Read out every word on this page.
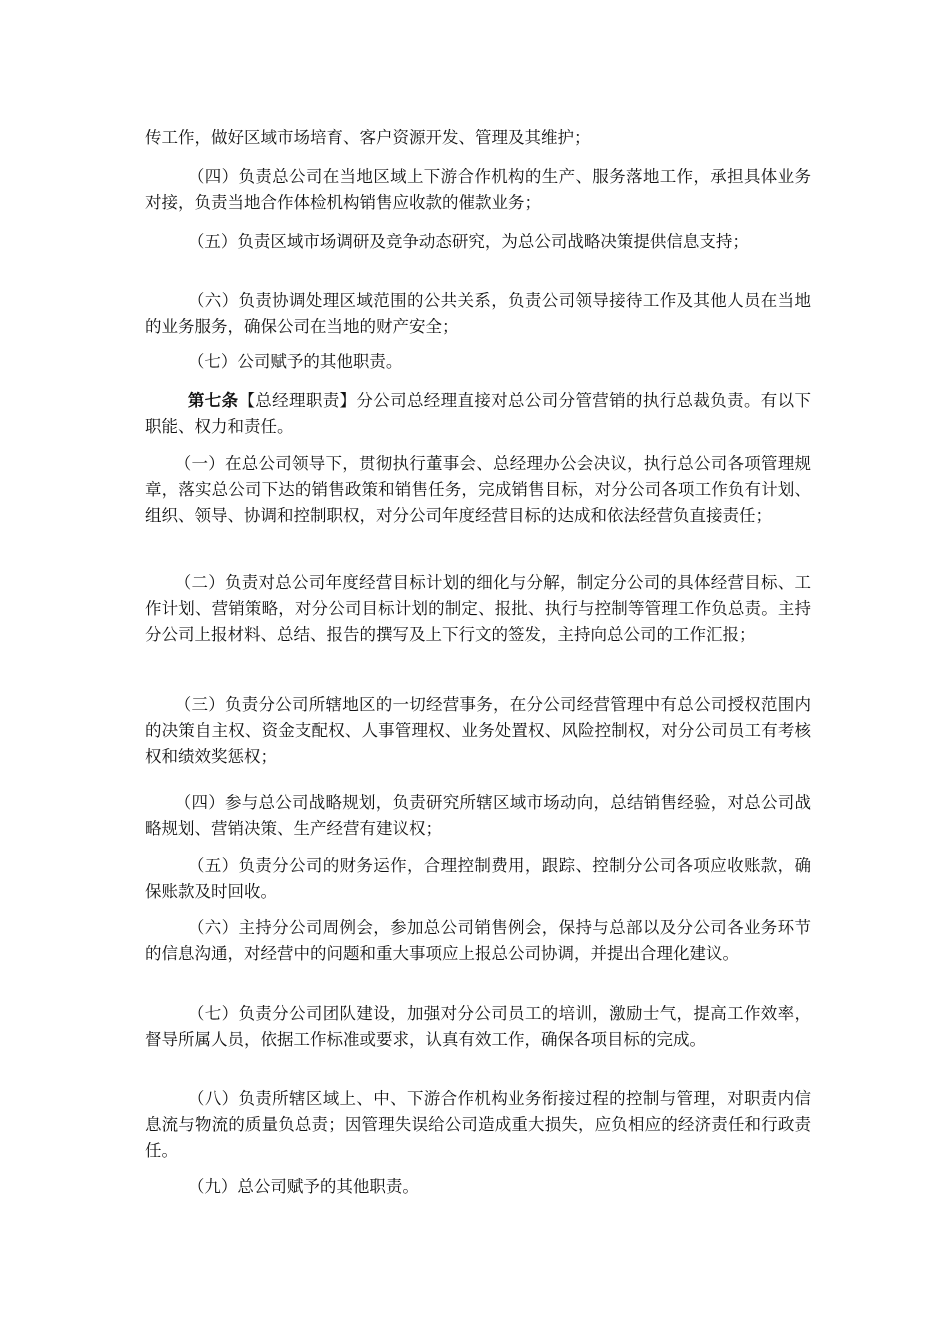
传工作，做好区域市场培育、客户资源开发、管理及其维护；

（四）负责总公司在当地区域上下游合作机构的生产、服务落地工作，承担具体业务对接，负责当地合作体检机构销售应收款的催款业务；

（五）负责区域市场调研及竞争动态研究，为总公司战略决策提供信息支持；

（六）负责协调处理区域范围的公共关系，负责公司领导接待工作及其他人员在当地的业务服务，确保公司在当地的财产安全；

（七）公司赋予的其他职责。

第七条【总经理职责】分公司总经理直接对总公司分管营销的执行总裁负责。有以下职能、权力和责任。

（一）在总公司领导下，贯彻执行董事会、总经理办公会决议，执行总公司各项管理规章，落实总公司下达的销售政策和销售任务，完成销售目标，对分公司各项工作负有计划、组织、领导、协调和控制职权，对分公司年度经营目标的达成和依法经营负直接责任；

（二）负责对总公司年度经营目标计划的细化与分解，制定分公司的具体经营目标、工作计划、营销策略，对分公司目标计划的制定、报批、执行与控制等管理工作负总责。主持分公司上报材料、总结、报告的撰写及上下行文的签发，主持向总公司的工作汇报；

（三）负责分公司所辖地区的一切经营事务，在分公司经营管理中有总公司授权范围内的决策自主权、资金支配权、人事管理权、业务处置权、风险控制权，对分公司员工有考核权和绩效奖惩权；

（四）参与总公司战略规划，负责研究所辖区域市场动向，总结销售经验，对总公司战略规划、营销决策、生产经营有建议权；

（五）负责分公司的财务运作，合理控制费用，跟踪、控制分公司各项应收账款，确保账款及时回收。

（六）主持分公司周例会，参加总公司销售例会，保持与总部以及分公司各业务环节的信息沟通，对经营中的问题和重大事项应上报总公司协调，并提出合理化建议。

（七）负责分公司团队建设，加强对分公司员工的培训，激励士气，提高工作效率，督导所属人员，依据工作标准或要求，认真有效工作，确保各项目标的完成。

（八）负责所辖区域上、中、下游合作机构业务衔接过程的控制与管理，对职责内信息流与物流的质量负总责；因管理失误给公司造成重大损失，应负相应的经济责任和行政责任。

（九）总公司赋予的其他职责。
